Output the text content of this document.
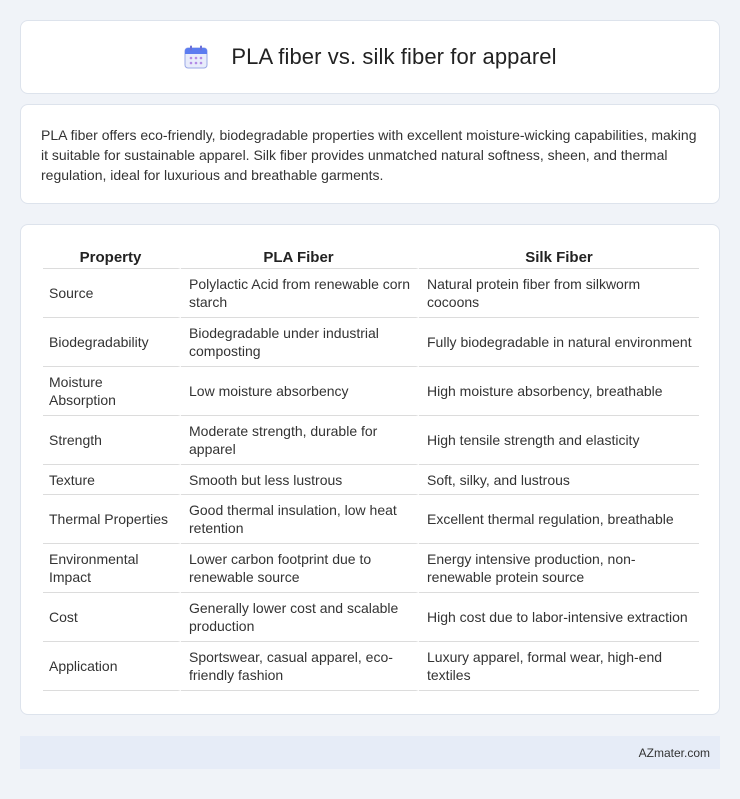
PLA fiber vs. silk fiber for apparel

PLA fiber offers eco-friendly, biodegradable properties with excellent moisture-wicking capabilities, making it suitable for sustainable apparel. Silk fiber provides unmatched natural softness, sheen, and thermal regulation, ideal for luxurious and breathable garments.

Property	PLA Fiber	Silk Fiber
Source	Polylactic Acid from renewable corn starch	Natural protein fiber from silkworm cocoons
Biodegradability	Biodegradable under industrial composting	Fully biodegradable in natural environment
Moisture Absorption	Low moisture absorbency	High moisture absorbency, breathable
Strength	Moderate strength, durable for apparel	High tensile strength and elasticity
Texture	Smooth but less lustrous	Soft, silky, and lustrous
Thermal Properties	Good thermal insulation, low heat retention	Excellent thermal regulation, breathable
Environmental Impact	Lower carbon footprint due to renewable source	Energy intensive production, non-renewable protein source
Cost	Generally lower cost and scalable production	High cost due to labor-intensive extraction
Application	Sportswear, casual apparel, eco-friendly fashion	Luxury apparel, formal wear, high-end textiles
AZmater.com
